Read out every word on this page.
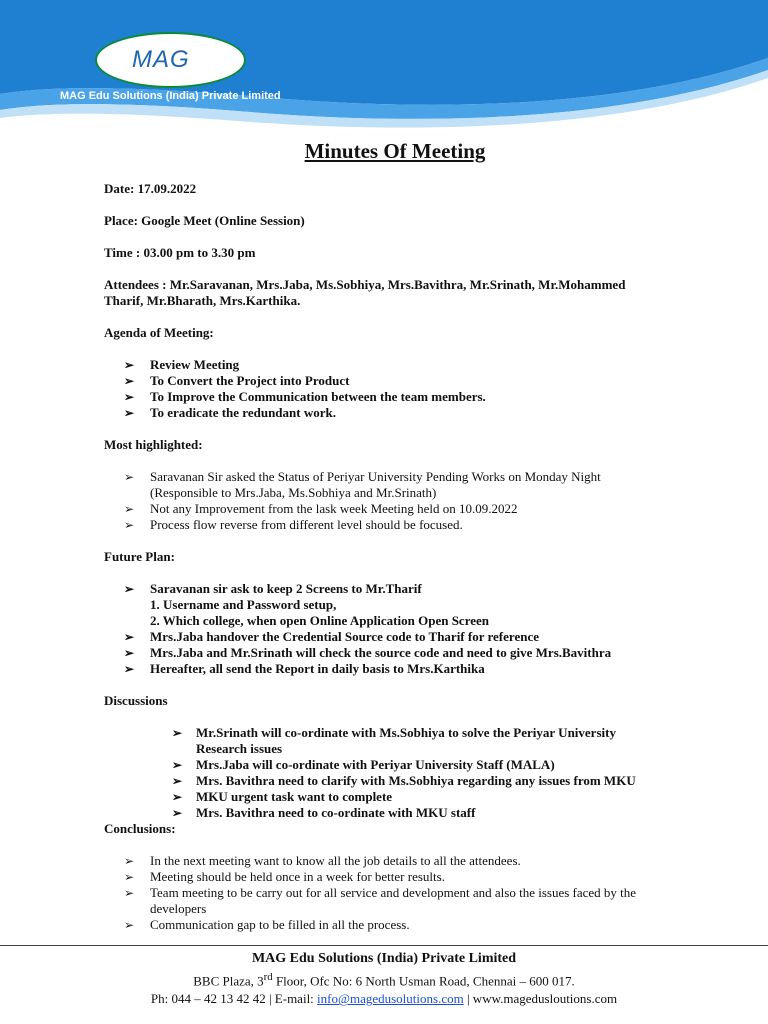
MAG
MAG Edu Solutions (India) Private Limited
Minutes Of Meeting

Date: 17.09.2022

Place: Google Meet (Online Session)

Time : 03.00 pm to 3.30 pm

Attendees : Mr.Saravanan, Mrs.Jaba, Ms.Sobhiya, Mrs.Bavithra, Mr.Srinath, Mr.Mohammed

Tharif, Mr.Bharath, Mrs.Karthika.

Agenda of Meeting:

➢ Review Meeting
➢ To Convert the Project into Product
➢ To Improve the Communication between the team members.
➢ To eradicate the redundant work.

Most highlighted:

➢ Saravanan Sir asked the Status of Periyar University Pending Works on Monday Night
(Responsible to Mrs.Jaba, Ms.Sobhiya and Mr.Srinath)
➢ Not any Improvement from the lask week Meeting held on 10.09.2022
➢ Process flow reverse from different level should be focused.

Future Plan:

➢ Saravanan sir ask to keep 2 Screens to Mr.Tharif
1. Username and Password setup,
2. Which college, when open Online Application Open Screen
➢ Mrs.Jaba handover the Credential Source code to Tharif for reference
➢ Mrs.Jaba and Mr.Srinath will check the source code and need to give Mrs.Bavithra
➢ Hereafter, all send the Report in daily basis to Mrs.Karthika

Discussions

➢ Mr.Srinath will co-ordinate with Ms.Sobhiya to solve the Periyar University
Research issues
➢ Mrs.Jaba will co-ordinate with Periyar University Staff (MALA)
➢ Mrs. Bavithra need to clarify with Ms.Sobhiya regarding any issues from MKU
➢ MKU urgent task want to complete
➢ Mrs. Bavithra need to co-ordinate with MKU staff

Conclusions:

➢ In the next meeting want to know all the job details to all the attendees.
➢ Meeting should be held once in a week for better results.
➢ Team meeting to be carry out for all service and development and also the issues faced by the
developers
➢ Communication gap to be filled in all the process.
MAG Edu Solutions (India) Private Limited
BBC Plaza, 3rd Floor, Ofc No: 6 North Usman Road, Chennai – 600 017.
Ph: 044 – 42 13 42 42 | E-mail: info@magedusolutions.com | www.magedusloutions.com
